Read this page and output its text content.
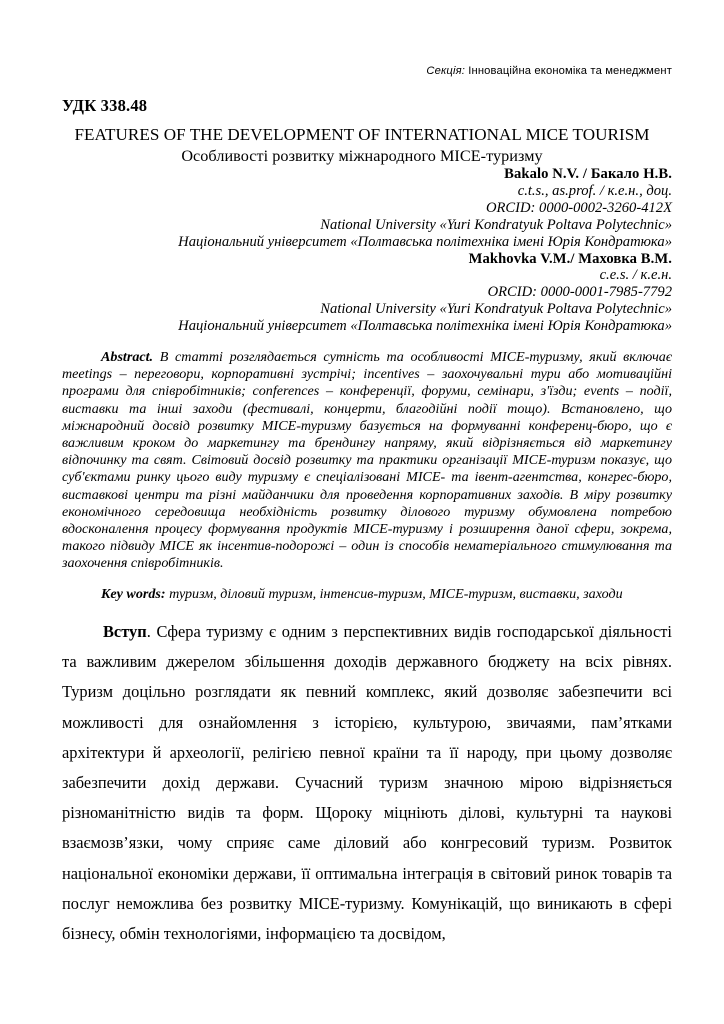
Секція: Інноваційна економіка та менеджмент
УДК 338.48
FEATURES OF THE DEVELOPMENT OF INTERNATIONAL MICE TOURISM
Особливості розвитку міжнародного MICE-туризму
Bakalo N.V. / Бакало Н.В.
c.t.s., as.prof. / к.е.н., доц.
ORCID: 0000-0002-3260-412X
National University «Yuri Kondratyuk Poltava Polytechnic»
Національний університет «Полтавська політехніка імені Юрія Кондратюка»
Makhovka V.M./ Маховка В.М.
c.e.s. / к.е.н.
ORCID: 0000-0001-7985-7792
National University «Yuri Kondratyuk Poltava Polytechnic»
Національний університет «Полтавська політехніка імені Юрія Кондратюка»
Abstract. В статті розглядається сутність та особливості MICE-туризму, який включає meetings – переговори, корпоративні зустрічі; incentives – заохочувальні тури або мотиваційні програми для співробітників; conferences – конференції, форуми, семінари, з'їзди; events – події, виставки та інші заходи (фестивалі, концерти, благодійні події тощо). Встановлено, що міжнародний досвід розвитку MICE-туризму базується на формуванні конференц-бюро, що є важливим кроком до маркетингу та брендингу напряму, який відрізняється від маркетингу відпочинку та свят. Світовий досвід розвитку та практики організації MICE-туризм показує, що суб'єктами ринку цього виду туризму є спеціалізовані MICE- та івент-агентства, конгрес-бюро, виставкові центри та різні майданчики для проведення корпоративних заходів. В міру розвитку економічного середовища необхідність розвитку ділового туризму обумовлена потребою вдосконалення процесу формування продуктів MICE-туризму і розширення даної сфери, зокрема, такого підвиду MICE як інсентив-подорожі – один із способів нематеріального стимулювання та заохочення співробітників.
Key words: туризм, діловий туризм, інтенсив-туризм, MICE-туризм, виставки, заходи
Вступ. Сфера туризму є одним з перспективних видів господарської діяльності та важливим джерелом збільшення доходів державного бюджету на всіх рівнях. Туризм доцільно розглядати як певний комплекс, який дозволяє забезпечити всі можливості для ознайомлення з історією, культурою, звичаями, пам’ятками архітектури й археології, релігією певної країни та її народу, при цьому дозволяє забезпечити дохід держави. Сучасний туризм значною мірою відрізняється різноманітністю видів та форм. Щороку міцніють ділові, культурні та наукові взаємозв’язки, чому сприяє саме діловий або конгресовий туризм. Розвиток національної економіки держави, її оптимальна інтеграція в світовий ринок товарів та послуг неможлива без розвитку MICE-туризму. Комунікацій, що виникають в сфері бізнесу, обмін технологіями, інформацією та досвідом,
